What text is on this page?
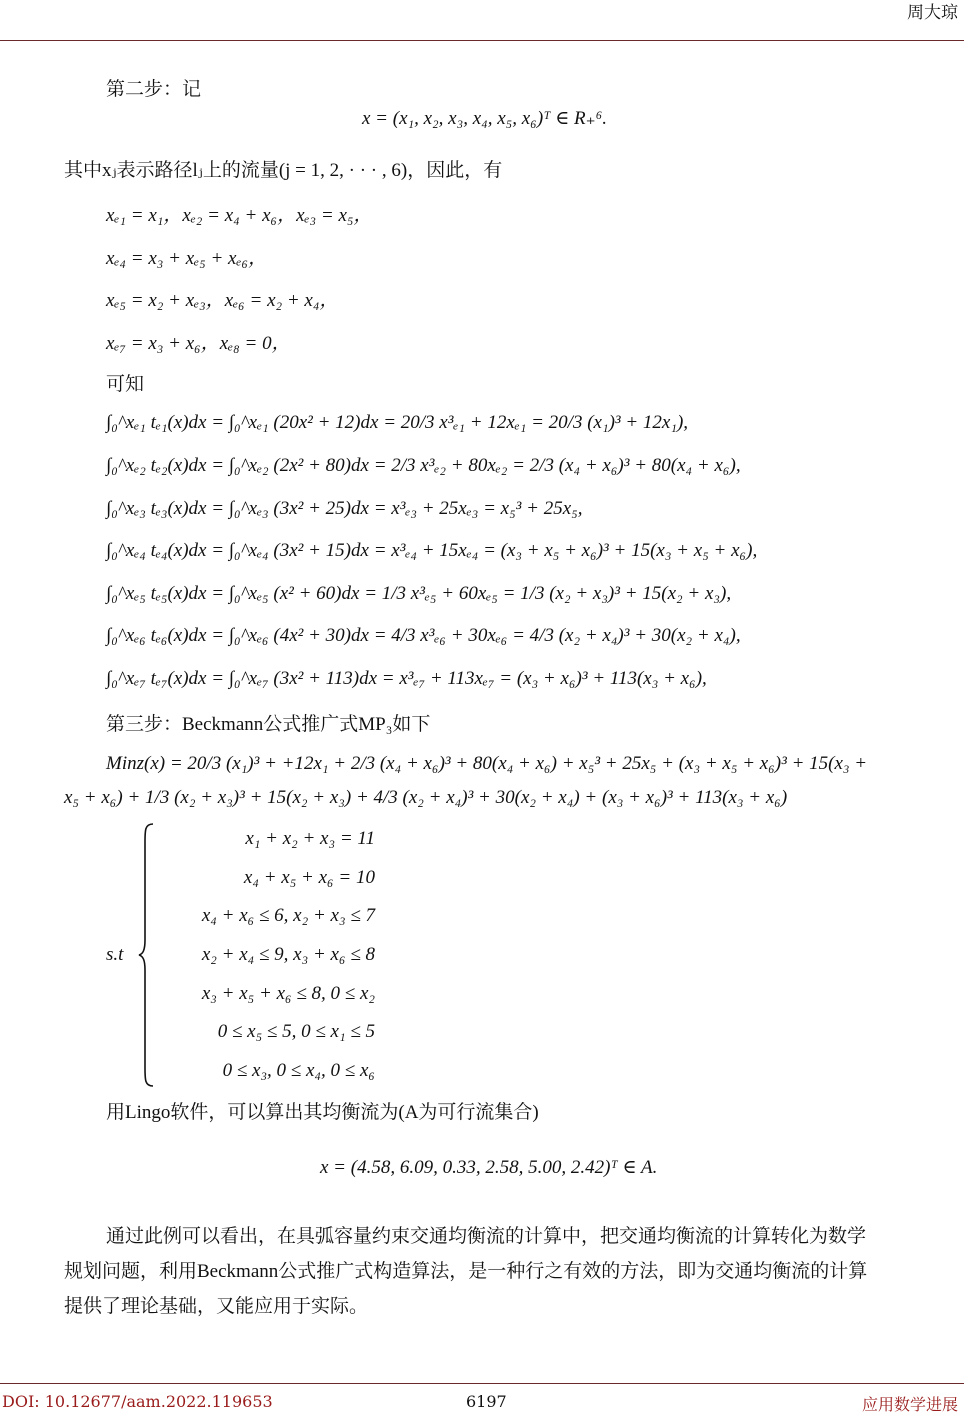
周大琼
第二步：记
x = (x₁, x₂, x₃, x₄, x₅, x₆)ᵀ ∈ R₊⁶.
其中xⱼ表示路径lⱼ上的流量(j = 1, 2, · · · , 6)，因此，有
xₑ₁ = x₁，xₑ₂ = x₄ + x₆，xₑ₃ = x₅，
xₑ₄ = x₃ + xₑ₅ + xₑ₆，
xₑ₅ = x₂ + xₑ₃，xₑ₆ = x₂ + x₄，
xₑ₇ = x₃ + x₆，xₑ₈ = 0，
可知
∫₀^xₑ₁ tₑ₁(x)dx = ∫₀^xₑ₁ (20x² + 12)dx = 20/3 x³ₑ₁ + 12xₑ₁ = 20/3 (x₁)³ + 12x₁),
∫₀^xₑ₂ tₑ₂(x)dx = ∫₀^xₑ₂ (2x² + 80)dx = 2/3 x³ₑ₂ + 80xₑ₂ = 2/3 (x₄ + x₆)³ + 80(x₄ + x₆),
∫₀^xₑ₃ tₑ₃(x)dx = ∫₀^xₑ₃ (3x² + 25)dx = x³ₑ₃ + 25xₑ₃ = x₅³ + 25x₅,
∫₀^xₑ₄ tₑ₄(x)dx = ∫₀^xₑ₄ (3x² + 15)dx = x³ₑ₄ + 15xₑ₄ = (x₃ + x₅ + x₆)³ + 15(x₃ + x₅ + x₆),
∫₀^xₑ₅ tₑ₅(x)dx = ∫₀^xₑ₅ (x² + 60)dx = 1/3 x³ₑ₅ + 60xₑ₅ = 1/3 (x₂ + x₃)³ + 15(x₂ + x₃),
∫₀^xₑ₆ tₑ₆(x)dx = ∫₀^xₑ₆ (4x² + 30)dx = 4/3 x³ₑ₆ + 30xₑ₆ = 4/3 (x₂ + x₄)³ + 30(x₂ + x₄),
∫₀^xₑ₇ tₑ₇(x)dx = ∫₀^xₑ₇ (3x² + 113)dx = x³ₑ₇ + 113xₑ₇ = (x₃ + x₆)³ + 113(x₃ + x₆),
第三步：Beckmann公式推广式MP₃如下
Minz(x) = 20/3 (x₁)³ + +12x₁ + 2/3 (x₄ + x₆)³ + 80(x₄ + x₆) + x₅³ + 25x₅ + (x₃ + x₅ + x₆)³ + 15(x₃ +
x₅ + x₆) + 1/3 (x₂ + x₃)³ + 15(x₂ + x₃) + 4/3 (x₂ + x₄)³ + 30(x₂ + x₄) + (x₃ + x₆)³ + 113(x₃ + x₆)
s.t
x₁ + x₂ + x₃ = 11
x₄ + x₅ + x₆ = 10
x₄ + x₆ ≤ 6, x₂ + x₃ ≤ 7
x₂ + x₄ ≤ 9, x₃ + x₆ ≤ 8
x₃ + x₅ + x₆ ≤ 8, 0 ≤ x₂
0 ≤ x₅ ≤ 5, 0 ≤ x₁ ≤ 5
0 ≤ x₃, 0 ≤ x₄, 0 ≤ x₆
用Lingo软件，可以算出其均衡流为(A为可行流集合)
x = (4.58, 6.09, 0.33, 2.58, 5.00, 2.42)ᵀ ∈ A.
通过此例可以看出，在具弧容量约束交通均衡流的计算中，把交通均衡流的计算转化为数学
规划问题，利用Beckmann公式推广式构造算法，是一种行之有效的方法，即为交通均衡流的计算
提供了理论基础，又能应用于实际。
DOI: 10.12677/aam.2022.119653	6197	应用数学进展
